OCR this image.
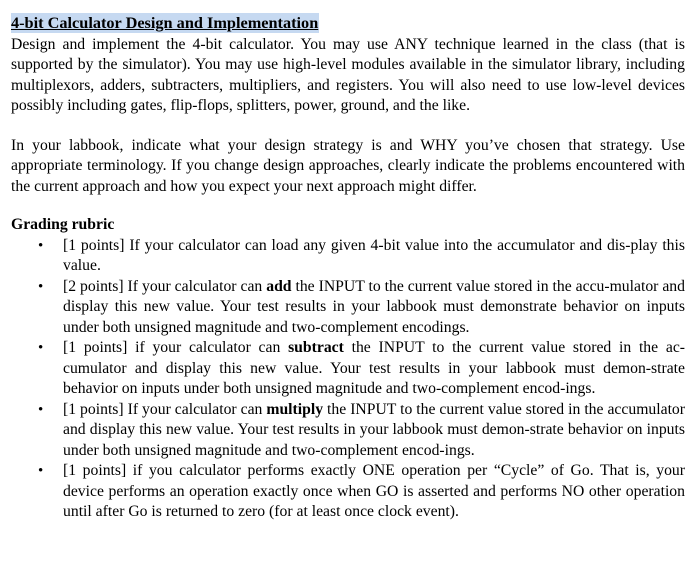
4-bit Calculator Design and Implementation

Design and implement the 4-bit calculator. You may use ANY technique learned in the class (that is supported by the simulator). You may use high-level modules available in the simulator library, including multiplexors, adders, subtracters, multipliers, and registers. You will also need to use low-level devices possibly including gates, flip-flops, splitters, power, ground, and the like.

In your labbook, indicate what your design strategy is and WHY you’ve chosen that strategy. Use appropriate terminology. If you change design approaches, clearly indicate the problems encountered with the current approach and how you expect your next approach might differ.

Grading rubric
• [1 points] If your calculator can load any given 4-bit value into the accumulator and dis-play this value.
• [2 points] If your calculator can add the INPUT to the current value stored in the accu-mulator and display this new value. Your test results in your labbook must demonstrate behavior on inputs under both unsigned magnitude and two-complement encodings.
• [1 points] if your calculator can subtract the INPUT to the current value stored in the ac-cumulator and display this new value. Your test results in your labbook must demon-strate behavior on inputs under both unsigned magnitude and two-complement encod-ings.
• [1 points] If your calculator can multiply the INPUT to the current value stored in the accumulator and display this new value. Your test results in your labbook must demon-strate behavior on inputs under both unsigned magnitude and two-complement encod-ings.
• [1 points] if you calculator performs exactly ONE operation per “Cycle” of Go. That is, your device performs an operation exactly once when GO is asserted and performs NO other operation until after Go is returned to zero (for at least once clock event).
